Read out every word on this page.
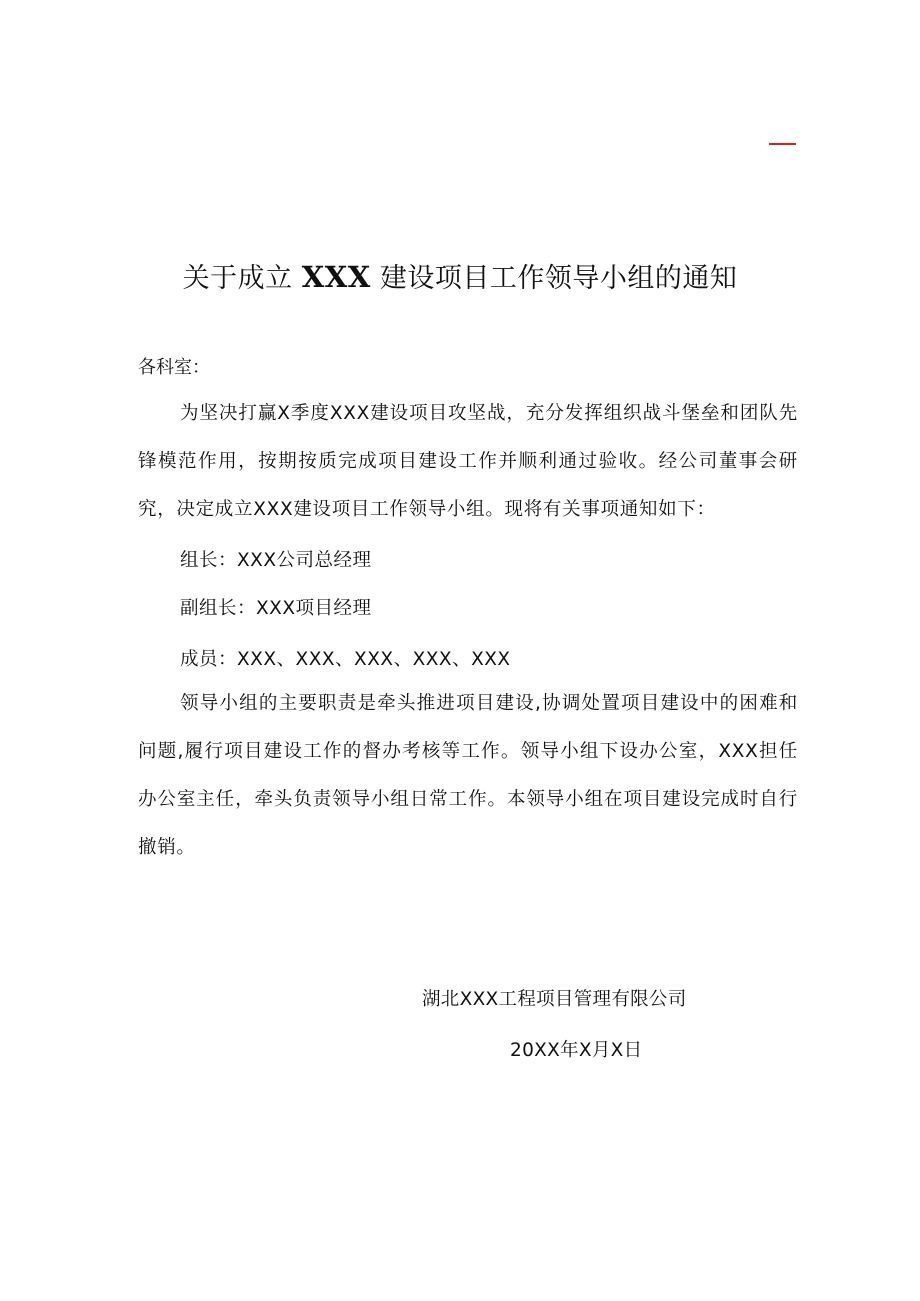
关于成立 XXX 建设项目工作领导小组的通知
各科室：

为坚决打赢X季度XXX建设项目攻坚战，充分发挥组织战斗堡垒和团队先锋模范作用，按期按质完成项目建设工作并顺利通过验收。经公司董事会研究，决定成立XXX建设项目工作领导小组。现将有关事项通知如下：

组长：XXX公司总经理
副组长：XXX项目经理
成员：XXX、XXX、XXX、XXX、XXX

领导小组的主要职责是牵头推进项目建设,协调处置项目建设中的困难和问题,履行项目建设工作的督办考核等工作。领导小组下设办公室，XXX担任办公室主任，牵头负责领导小组日常工作。本领导小组在项目建设完成时自行撤销。

湖北XXX工程项目管理有限公司
20XX年X月X日
